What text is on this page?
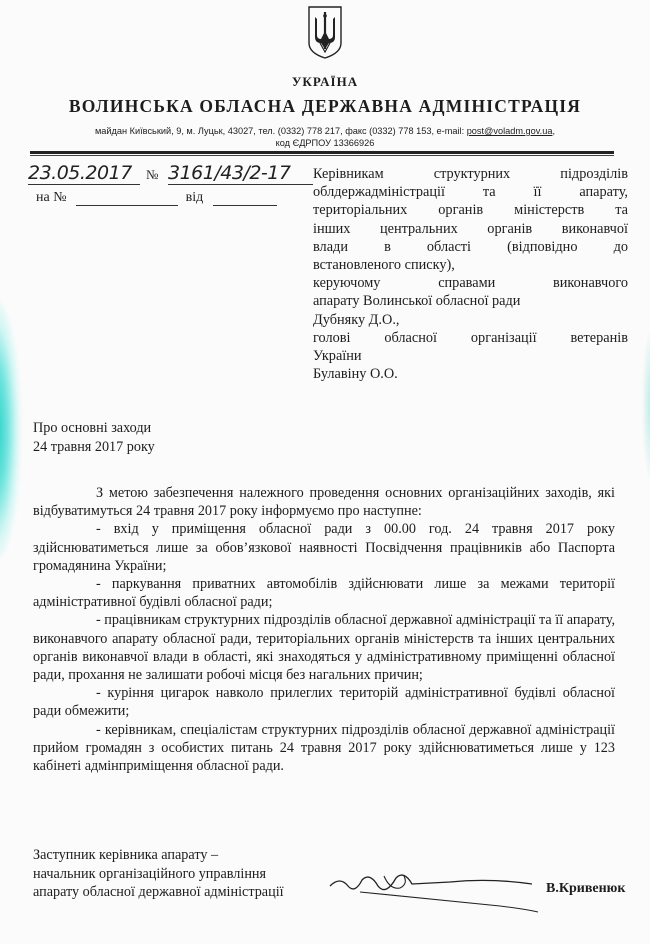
УКРАЇНА
ВОЛИНСЬКА ОБЛАСНА ДЕРЖАВНА АДМІНІСТРАЦІЯ
майдан Київський, 9, м. Луцьк, 43027, тел. (0332) 778 217, факс (0332) 778 153, e-mail: post@voladm.gov.ua,
код ЄДРПОУ 13366926
23.05.2017	№ 3161/43/2-17
на №	від
Керівникам структурних підрозділів
облдержадміністрації та її апарату,
територіальних органів міністерств та
інших центральних органів виконавчої
влади в області (відповідно до
встановленого списку),
керуючому справами виконавчого
апарату Волинської обласної ради
Дубняку Д.О.,
голові обласної організації ветеранів
України
Булавіну О.О.
Про основні заходи
24 травня 2017 року

З метою забезпечення належного проведення основних організаційних заходів, які відбуватимуться 24 травня 2017 року інформуємо про наступне:

- вхід у приміщення обласної ради з 00.00 год. 24 травня 2017 року здійснюватиметься лише за обов’язкової наявності Посвідчення працівників або Паспорта громадянина України;

- паркування приватних автомобілів здійснювати лише за межами території адміністративної будівлі обласної ради;

- працівникам структурних підрозділів обласної державної адміністрації та її апарату, виконавчого апарату обласної ради, територіальних органів міністерств та інших центральних органів виконавчої влади в області, які знаходяться у адміністративному приміщенні обласної ради, прохання не залишати робочі місця без нагальних причин;

- куріння цигарок навколо прилеглих територій адміністративної будівлі обласної ради обмежити;

- керівникам, спеціалістам структурних підрозділів обласної державної адміністрації прийом громадян з особистих питань 24 травня 2017 року здійснюватиметься лише у 123 кабінеті адмінприміщення обласної ради.

Заступник керівника апарату –
начальник організаційного управління
апарату обласної державної адміністрації	В.Кривенюк
